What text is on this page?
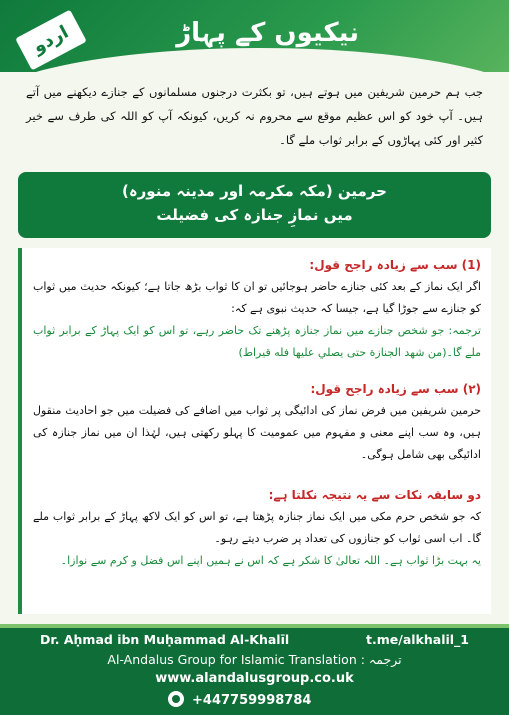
نیکیوں کے پہاڑ
اردو
جب ہم حرمین شریفین میں ہوتے ہیں، تو بکثرت درجنوں مسلمانوں کے جنازے دیکھنے میں آتے ہیں۔ آپ خود کو اس عظیم موقع سے محروم نہ کریں، کیونکہ آپ کو اللہ کی طرف سے خیر کثیر اور کئی پہاڑوں کے برابر ثواب ملے گا۔
حرمین (مکہ مکرمہ اور مدینہ منورہ)
میں نمازِ جنازہ کی فضیلت
(1) سب سے زیادہ راجح قول:
اگر ایک نماز کے بعد کئی جنازے حاضر ہوجائیں تو ان کا ثواب بڑھ جاتا ہے؛ کیونکہ حدیث میں ثواب کو جنازے سے جوڑا گیا ہے، جیسا کہ حدیث نبوی ہے کہ:
ترجمہ: جو شخص جنازے میں نماز جنازہ پڑھنے تک حاضر رہے، تو اس کو ایک پہاڑ کے برابر ثواب ملے گا۔(من شهد الجنازة حتى يصلي عليها فله قيراط)
(۲) سب سے زیادہ راجح قول:
حرمین شریفین میں فرض نماز کی ادائیگی پر ثواب میں اضافے کی فضیلت میں جو احادیث منقول ہیں، وہ سب اپنے معنی و مفہوم میں عمومیت کا پہلو رکھتی ہیں، لہٰذا ان میں نماز جنازہ کی ادائیگی بھی شامل ہوگی۔
دو سابقہ نکات سے یہ نتیجہ نکلتا ہے:
کہ جو شخص حرم مکی میں ایک نماز جنازہ پڑھتا ہے، تو اس کو ایک لاکھ پہاڑ کے برابر ثواب ملے گا۔ اب اسی ثواب کو جنازوں کی تعداد پر ضرب دیتے رہو۔
یہ بہت بڑا ثواب ہے۔ اللہ تعالیٰ کا شکر ہے کہ اس نے ہمیں اپنے اس فضل و کرم سے نوازا۔
Dr. Aḥmad ibn Muḥammad Al-Khalīl	t.me/alkhalil_1
Al-Andalus Group for Islamic Translation : ترجمہ
www.alandalusgroup.co.uk
+447759998784
